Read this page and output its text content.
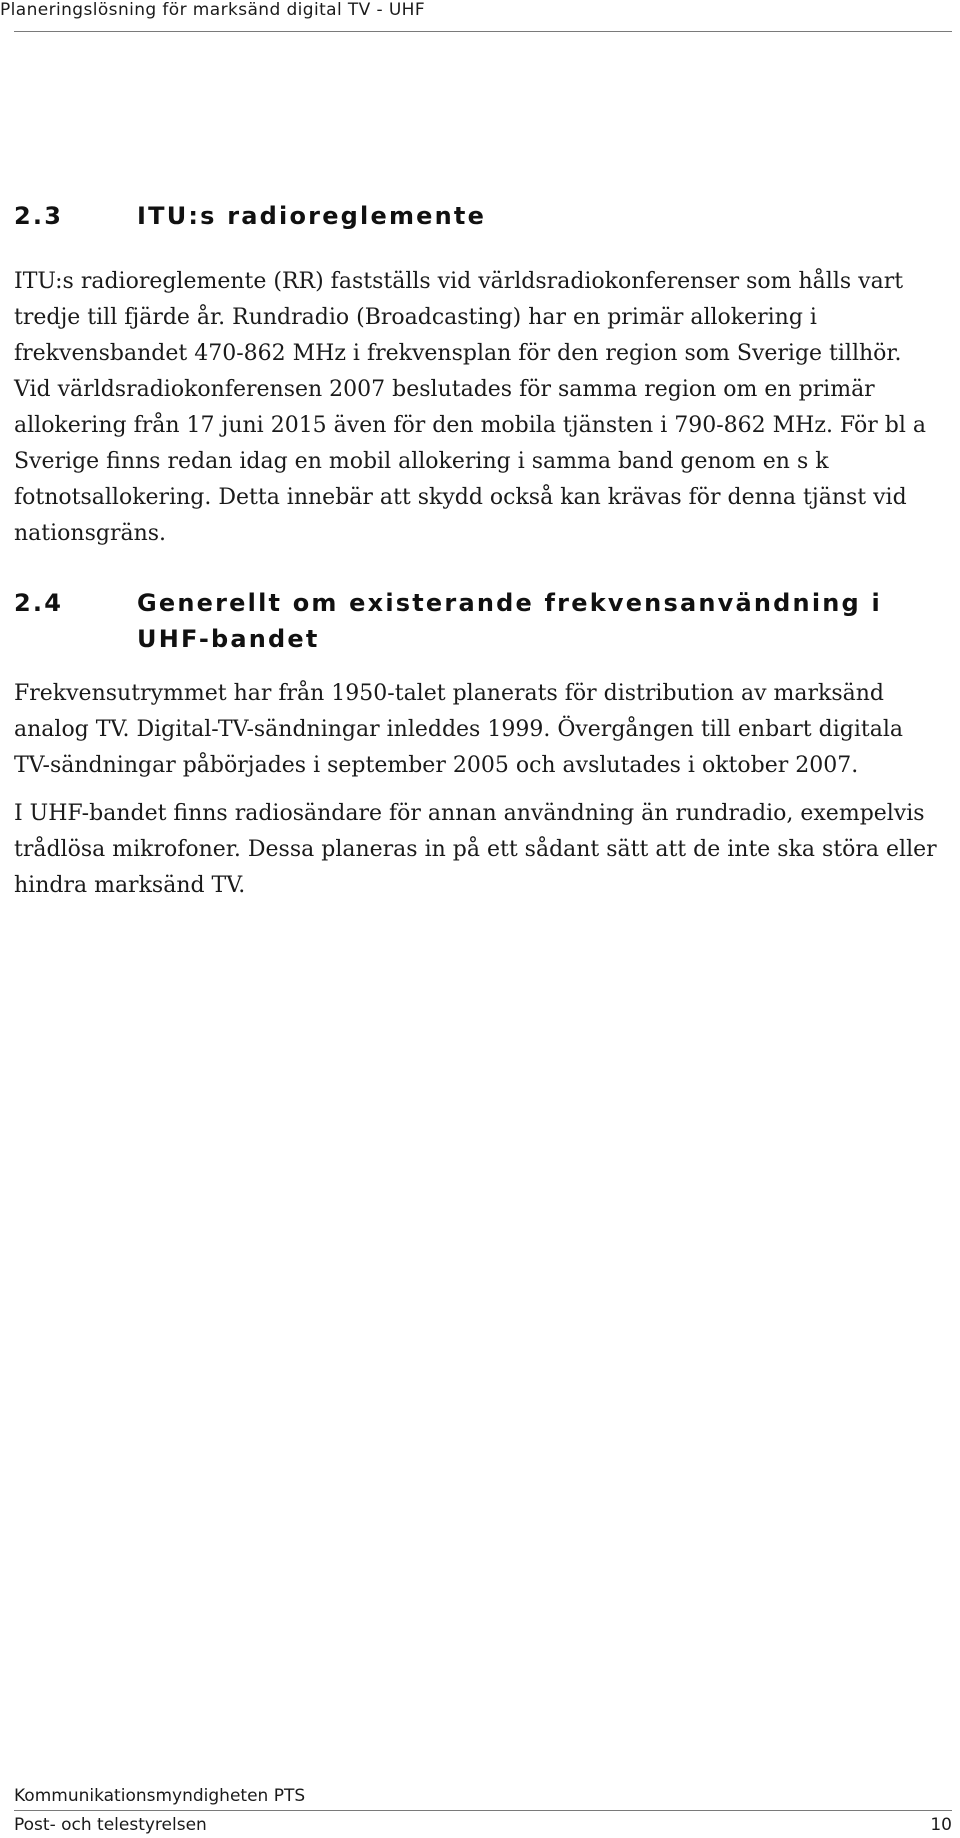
Planeringslösning för marksänd digital TV - UHF
2.3	ITU:s radioreglemente

ITU:s radioreglemente (RR) fastställs vid världsradiokonferenser som hålls vart tredje till fjärde år. Rundradio (Broadcasting) har en primär allokering i frekvensbandet 470-862 MHz i frekvensplan för den region som Sverige tillhör. Vid världsradiokonferensen 2007 beslutades för samma region om en primär allokering från 17 juni 2015 även för den mobila tjänsten i 790-862 MHz. För bl a Sverige finns redan idag en mobil allokering i samma band genom en s k fotnotsallokering. Detta innebär att skydd också kan krävas för denna tjänst vid nationsgräns.

2.4	Generellt om existerande frekvensanvändning i
UHF-bandet

Frekvensutrymmet har från 1950-talet planerats för distribution av marksänd analog TV. Digital-TV-sändningar inleddes 1999. Övergången till enbart digitala TV-sändningar påbörjades i september 2005 och avslutades i oktober 2007.

I UHF-bandet finns radiosändare för annan användning än rundradio, exempelvis trådlösa mikrofoner. Dessa planeras in på ett sådant sätt att de inte ska störa eller hindra marksänd TV.

Kommunikationsmyndigheten PTS
Post- och telestyrelsen	10
